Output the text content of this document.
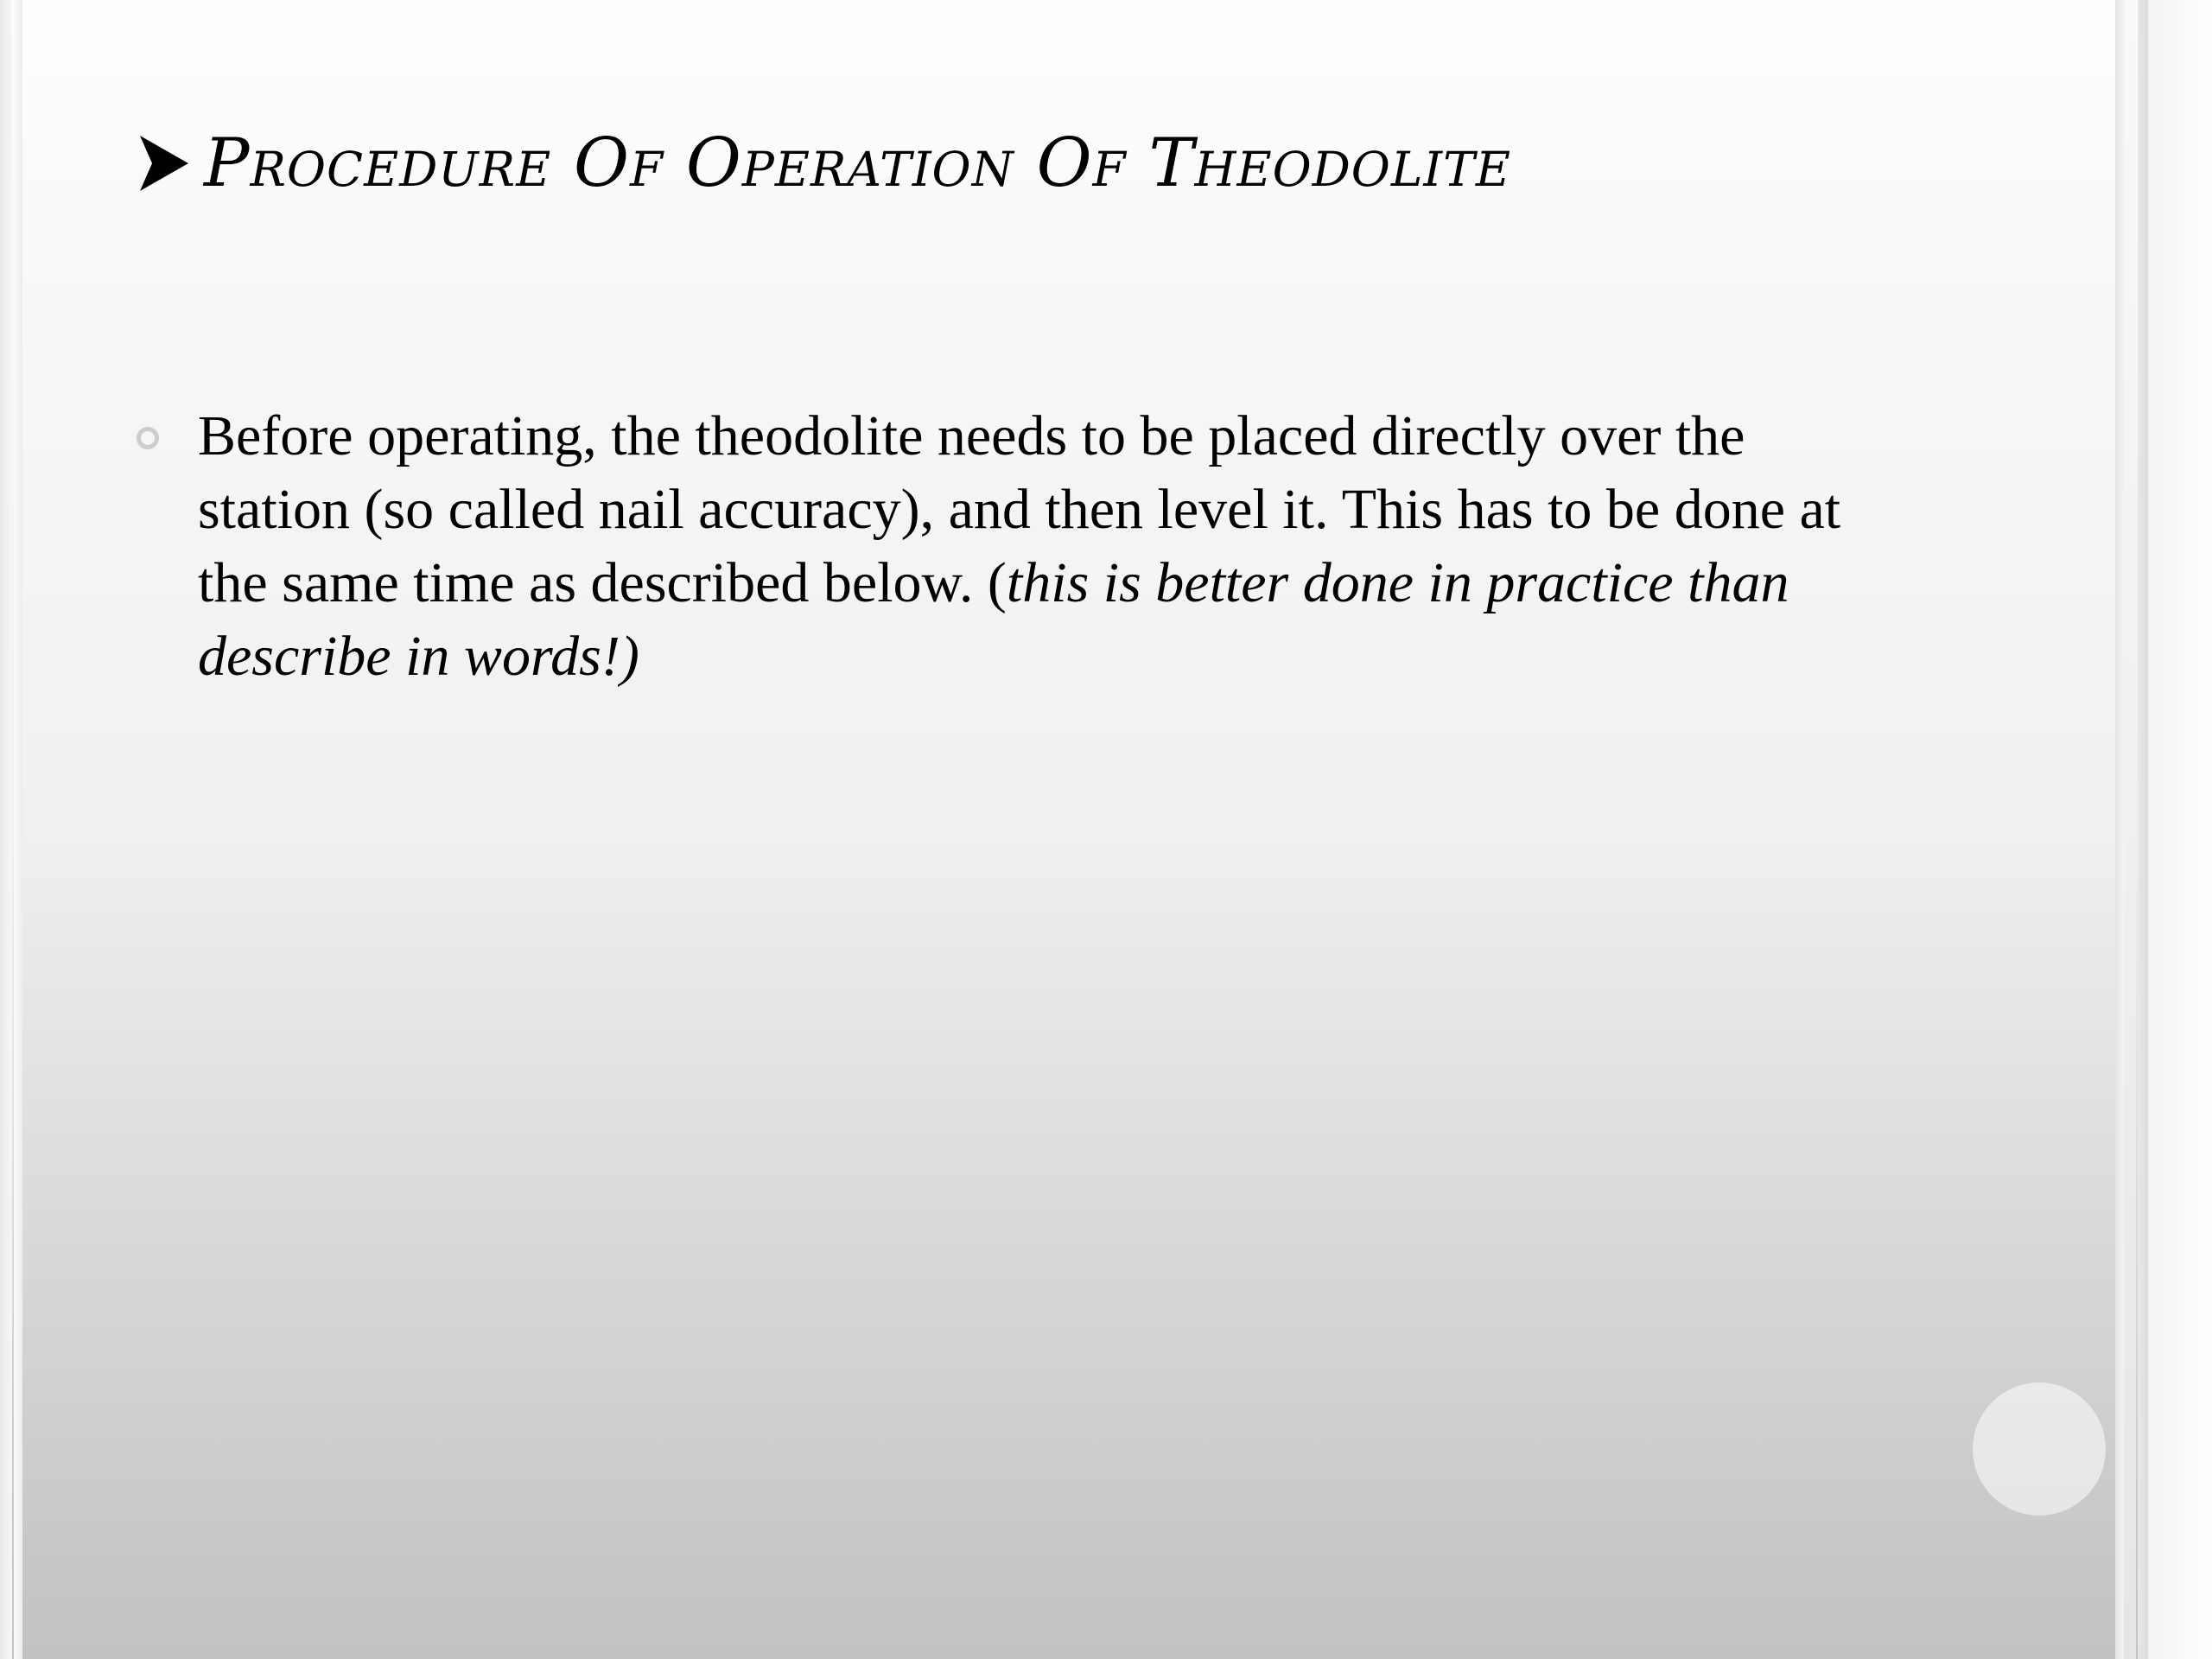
Procedure Of Operation Of Theodolite
Before operating, the theodolite needs to be placed directly over the station (so called nail accuracy), and then level it. This has to be done at the same time as described below. (this is better done in practice than describe in words!)
